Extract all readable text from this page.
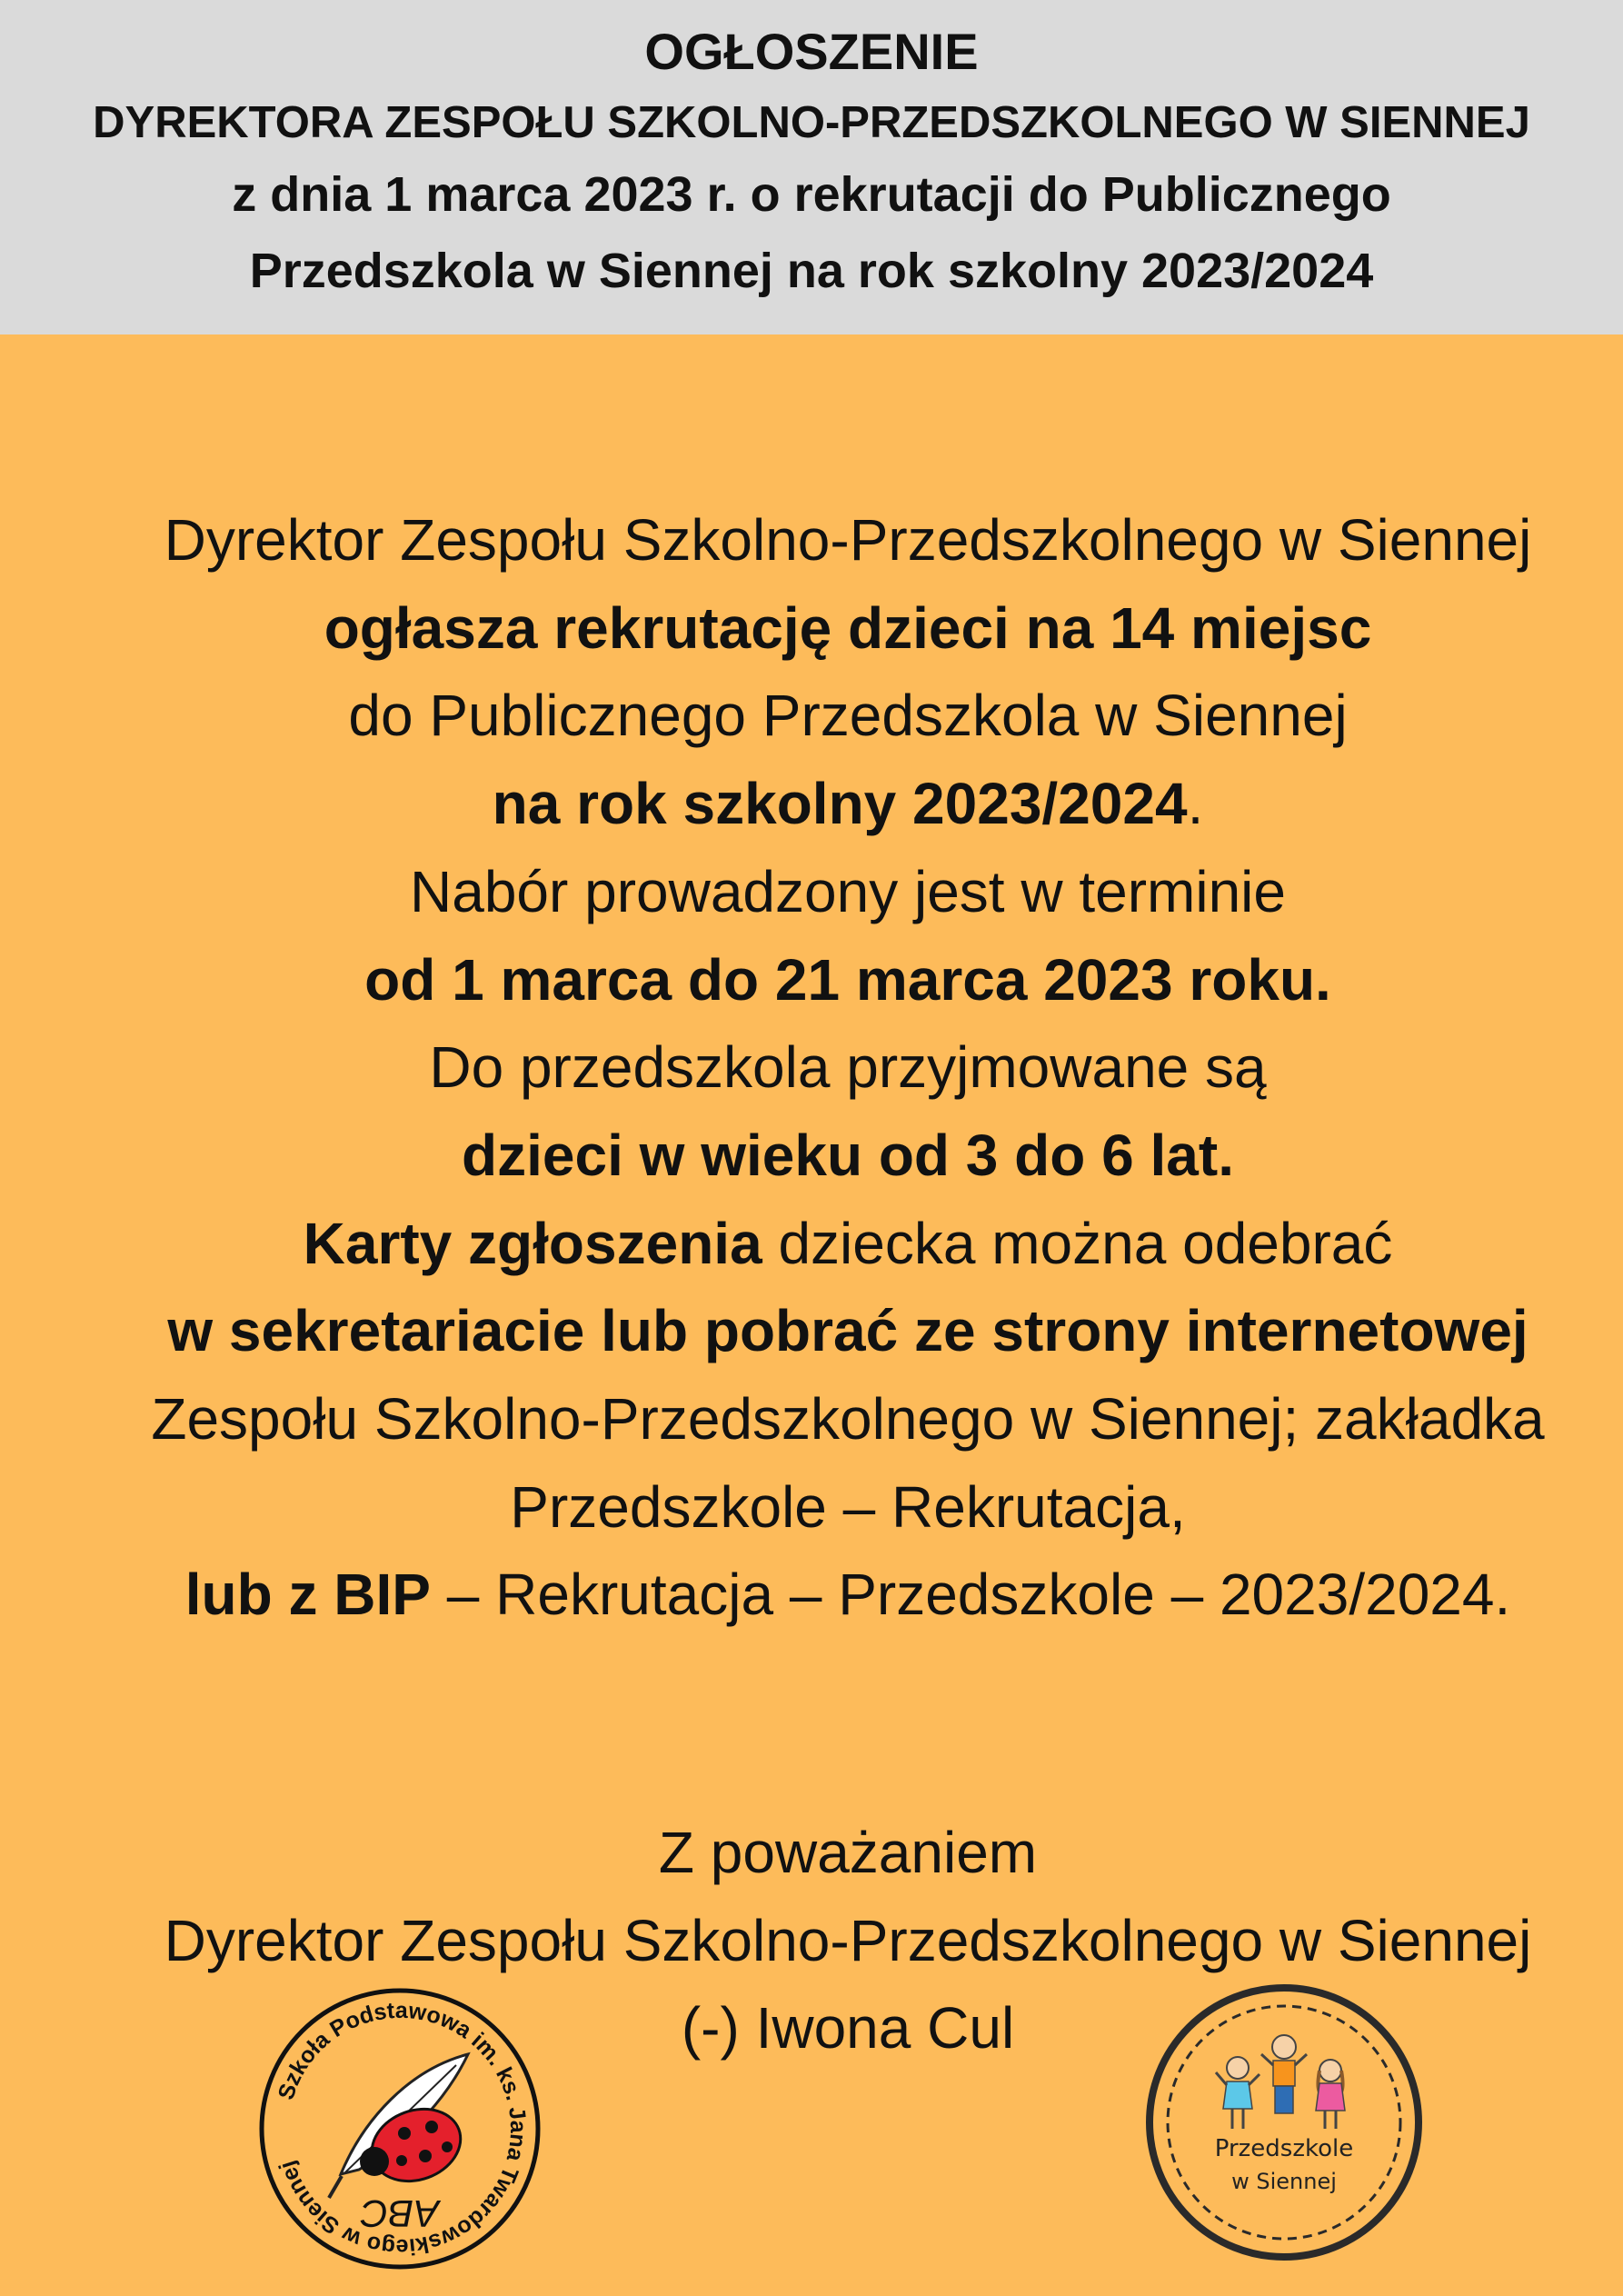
OGŁOSZENIE
DYREKTORA ZESPOŁU SZKOLNO-PRZEDSZKOLNEGO W SIENNEJ
z dnia 1 marca 2023 r. o rekrutacji do Publicznego
Przedszkola w Siennej na rok szkolny 2023/2024
Dyrektor Zespołu Szkolno-Przedszkolnego w Siennej
ogłasza rekrutację dzieci na 14 miejsc
do Publicznego Przedszkola w Siennej
na rok szkolny 2023/2024.
Nabór prowadzony jest w terminie
od 1 marca do 21 marca 2023 roku.
Do przedszkola przyjmowane są
dzieci w wieku od 3 do 6 lat.
Karty zgłoszenia dziecka można odebrać
w sekretariacie lub pobrać ze strony internetowej
Zespołu Szkolno-Przedszkolnego w Siennej; zakładka
Przedszkole – Rekrutacja,
lub z BIP – Rekrutacja – Przedszkole – 2023/2024.
Z poważaniem
Dyrektor Zespołu Szkolno-Przedszkolnego w Siennej
(-) Iwona Cul
Szkoła Podstawowa im. ks. Jana Twardowskiego w Siennej
ABC
Przedszkole
w Siennej
